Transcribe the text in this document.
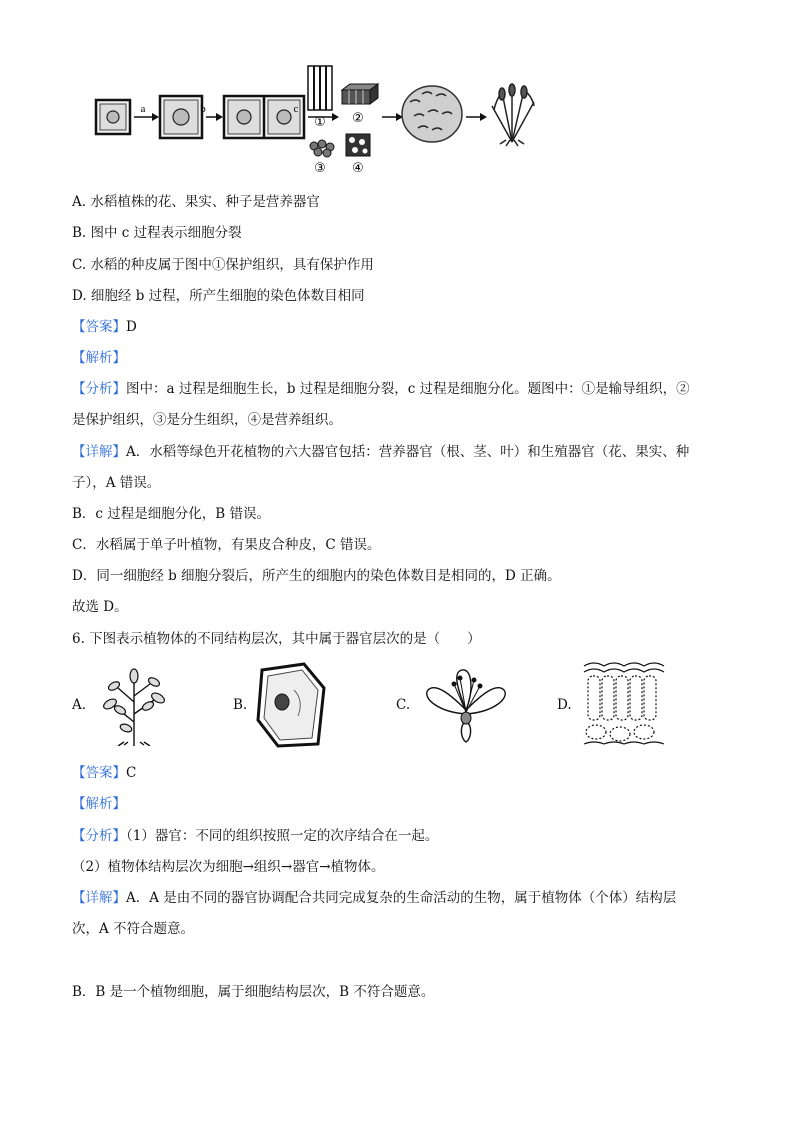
a	b	c
① ②
③ ④
A. 水稻植株的花、果实、种子是营养器官
B. 图中 c 过程表示细胞分裂
C. 水稻的种皮属于图中①保护组织，具有保护作用
D. 细胞经 b 过程，所产生细胞的染色体数目相同
【答案】D
【解析】
【分析】图中：a 过程是细胞生长，b 过程是细胞分裂，c 过程是细胞分化。题图中：①是输导组织，②
是保护组织，③是分生组织，④是营养组织。
【详解】A．水稻等绿色开花植物的六大器官包括：营养器官（根、茎、叶）和生殖器官（花、果实、种
子），A 错误。
B．c 过程是细胞分化，B 错误。
C．水稻属于单子叶植物，有果皮合种皮，C 错误。
D．同一细胞经 b 细胞分裂后，所产生的细胞内的染色体数目是相同的，D 正确。
故选 D。
6. 下图表示植物体的不同结构层次，其中属于器官层次的是（　　）
A.	B.	C.	D.
【答案】C
【解析】
【分析】（1）器官：不同的组织按照一定的次序结合在一起。
（2）植物体结构层次为细胞→组织→器官→植物体。
【详解】A．A 是由不同的器官协调配合共同完成复杂的生命活动的生物，属于植物体（个体）结构层
次，A 不符合题意。
B．B 是一个植物细胞，属于细胞结构层次，B 不符合题意。
